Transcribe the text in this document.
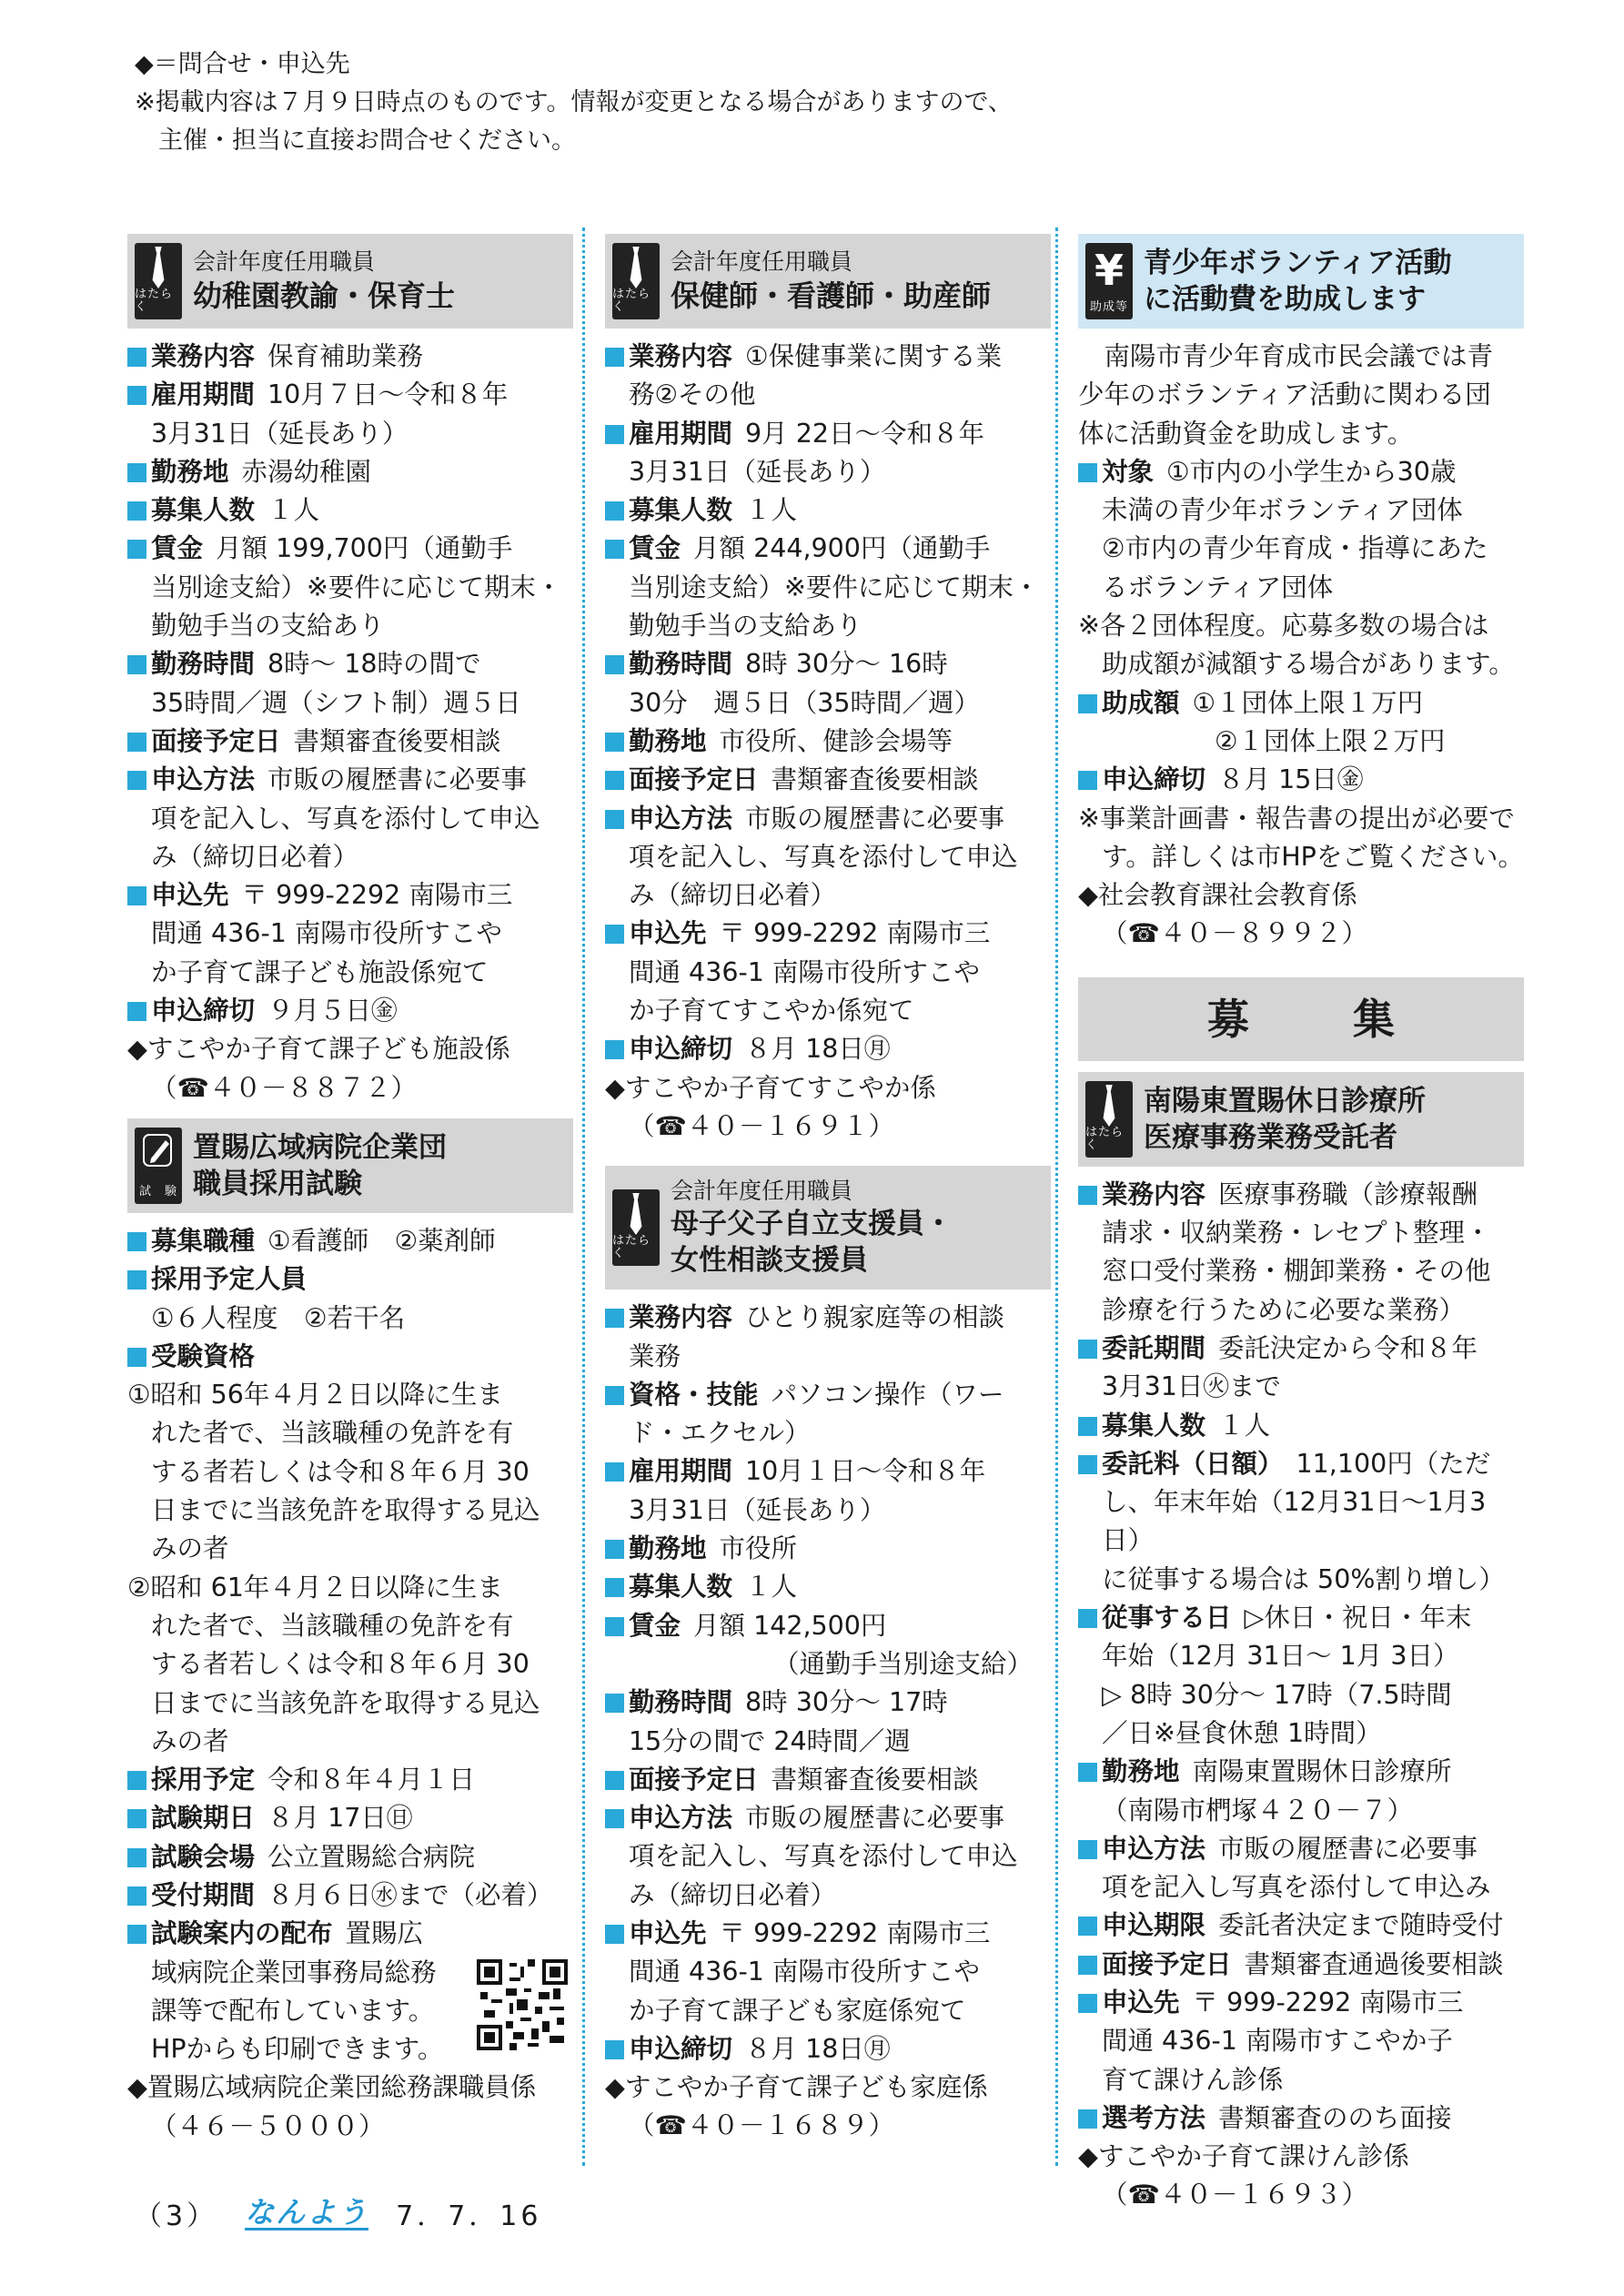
◆＝問合せ・申込先
※掲載内容は７月９日時点のものです。情報が変更となる場合がありますので、
主催・担当に直接お問合せください。
はたらく
会計年度任用職員
幼稚園教諭・保育士

業務内容 保育補助業務

雇用期間 10月７日～令和８年

3月31日（延長あり）

勤務地 赤湯幼稚園

募集人数 １人

賃金 月額 199,700円（通勤手

当別途支給）※要件に応じて期末・

勤勉手当の支給あり

勤務時間 8時～ 18時の間で

35時間／週（シフト制）週５日

面接予定日 書類審査後要相談

申込方法 市販の履歴書に必要事

項を記入し、写真を添付して申込

み（締切日必着）

申込先 〒 999-2292 南陽市三

間通 436-1 南陽市役所すこや

か子育て課子ども施設係宛て

申込締切 ９月５日㊎

◆すこやか子育て課子ども施設係

（☎４０－８８７２）

試　験
置賜広域病院企業団
職員採用試験

募集職種 ①看護師　②薬剤師

採用予定人員

①６人程度　②若干名

受験資格

①昭和 56年４月２日以降に生ま

れた者で、当該職種の免許を有

する者若しくは令和８年６月 30

日までに当該免許を取得する見込

みの者

②昭和 61年４月２日以降に生ま

れた者で、当該職種の免許を有

する者若しくは令和８年６月 30

日までに当該免許を取得する見込

みの者

採用予定 令和８年４月１日

試験期日 ８月 17日㊐

試験会場 公立置賜総合病院

受付期間 ８月６日㊌まで（必着）

試験案内の配布 置賜広

域病院企業団事務局総務

課等で配布しています。

HPからも印刷できます。

◆置賜広域病院企業団総務課職員係

（４６－５０００）

はたらく
会計年度任用職員
保健師・看護師・助産師

業務内容 ①保健事業に関する業

務②その他

雇用期間 9月 22日～令和８年

3月31日（延長あり）

募集人数 １人

賃金 月額 244,900円（通勤手

当別途支給）※要件に応じて期末・

勤勉手当の支給あり

勤務時間 8時 30分～ 16時

30分　週５日（35時間／週）

勤務地 市役所、健診会場等

面接予定日 書類審査後要相談

申込方法 市販の履歴書に必要事

項を記入し、写真を添付して申込

み（締切日必着）

申込先 〒 999-2292 南陽市三

間通 436-1 南陽市役所すこや

か子育てすこやか係宛て

申込締切 ８月 18日㊊

◆すこやか子育てすこやか係

（☎４０－１６９１）

はたらく
会計年度任用職員
母子父子自立支援員・
女性相談支援員

業務内容 ひとり親家庭等の相談

業務

資格・技能 パソコン操作（ワー

ド・エクセル）

雇用期間 10月１日～令和８年

3月31日（延長あり）

勤務地 市役所

募集人数 １人

賃金 月額 142,500円

（通勤手当別途支給）

勤務時間 8時 30分～ 17時

15分の間で 24時間／週

面接予定日 書類審査後要相談

申込方法 市販の履歴書に必要事

項を記入し、写真を添付して申込

み（締切日必着）

申込先 〒 999-2292 南陽市三

間通 436-1 南陽市役所すこや

か子育て課子ども家庭係宛て

申込締切 ８月 18日㊊

◆すこやか子育て課子ども家庭係

（☎４０－１６８９）

¥
助成等
青少年ボランティア活動
に活動費を助成します

南陽市青少年育成市民会議では青

少年のボランティア活動に関わる団

体に活動資金を助成します。

対象 ①市内の小学生から30歳

未満の青少年ボランティア団体

②市内の青少年育成・指導にあた

るボランティア団体

※各２団体程度。応募多数の場合は

助成額が減額する場合があります。

助成額 ①１団体上限１万円

②１団体上限２万円

申込締切 ８月 15日㊎

※事業計画書・報告書の提出が必要で

す。詳しくは市HPをご覧ください。

◆社会教育課社会教育係

（☎４０－８９９２）

募　集
はたらく
南陽東置賜休日診療所
医療事務業務受託者

業務内容 医療事務職（診療報酬

請求・収納業務・レセプト整理・

窓口受付業務・棚卸業務・その他

診療を行うために必要な業務）

委託期間 委託決定から令和８年

3月31日㊋まで

募集人数 １人

委託料（日額） 11,100円（ただ

し、年末年始（12月31日～1月3日）

に従事する場合は 50%割り増し）

従事する日 ▷休日・祝日・年末

年始（12月 31日～ 1月 3日）

▷ 8時 30分～ 17時（7.5時間

／日※昼食休憩 1時間）

勤務地 南陽東置賜休日診療所

（南陽市椚塚４２０－７）

申込方法 市販の履歴書に必要事

項を記入し写真を添付して申込み

申込期限 委託者決定まで随時受付

面接予定日 書類審査通過後要相談

申込先 〒 999-2292 南陽市三

間通 436-1 南陽市すこやか子

育て課けん診係

選考方法 書類審査ののち面接

◆すこやか子育て課けん診係

（☎４０－１６９３）

（3） なんよう 7．7．16
